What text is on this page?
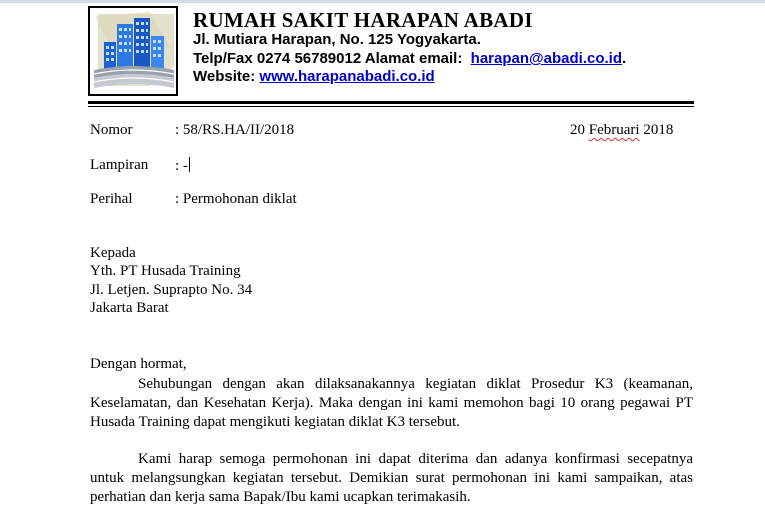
RUMAH SAKIT HARAPAN ABADI
Jl. Mutiara Harapan, No. 125 Yogyakarta.
Telp/Fax 0274 56789012 Alamat email: harapan@abadi.co.id.
Website: www.harapanabadi.co.id
Nomor	: 58/RS.HA/II/2018	20 Februari 2018
Lampiran : -
Perihal	: Permohonan diklat
Kepada
Yth. PT Husada Training
Jl. Letjen. Suprapto No. 34
Jakarta Barat
Dengan hormat,
Sehubungan dengan akan dilaksanakannya kegiatan diklat Prosedur K3 (keamanan, Keselamatan, dan Kesehatan Kerja). Maka dengan ini kami memohon bagi 10 orang pegawai PT Husada Training dapat mengikuti kegiatan diklat K3 tersebut.
Kami harap semoga permohonan ini dapat diterima dan adanya konfirmasi secepatnya untuk melangsungkan kegiatan tersebut. Demikian surat permohonan ini kami sampaikan, atas perhatian dan kerja sama Bapak/Ibu kami ucapkan terimakasih.
